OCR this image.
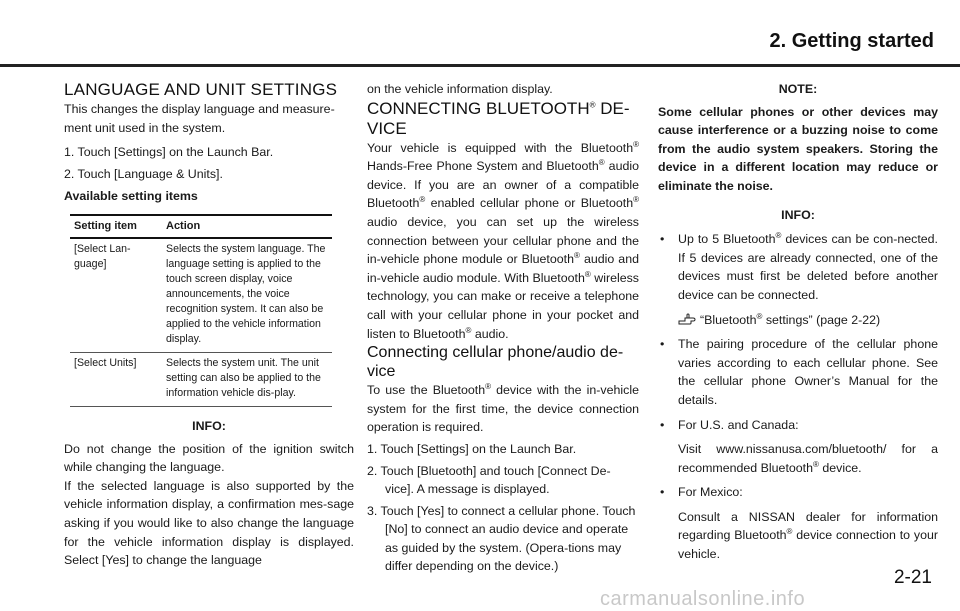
2. Getting started

LANGUAGE AND UNIT SETTINGS

This changes the display language and measure-ment unit used in the system.

1. Touch [Settings] on the Launch Bar.

2. Touch [Language & Units].

Available setting items

Setting item	Action
[Select Lan-guage]	Selects the system language. The language setting is applied to the touch screen display, voice announcements, the voice recognition system. It can also be applied to the vehicle information display.
[Select Units]	Selects the system unit. The unit setting can also be applied to the information vehicle dis-play.

INFO:

Do not change the position of the ignition switch while changing the language.

If the selected language is also supported by the vehicle information display, a confirmation mes-sage asking if you would like to also change the language for the vehicle information display is displayed. Select [Yes] to change the language

on the vehicle information display.

CONNECTING BLUETOOTH® DE-VICE

Your vehicle is equipped with the Bluetooth® Hands-Free Phone System and Bluetooth® audio device. If you are an owner of a compatible Bluetooth® enabled cellular phone or Bluetooth® audio device, you can set up the wireless connection between your cellular phone and the in-vehicle phone module or Bluetooth® audio and in-vehicle audio module. With Bluetooth® wireless technology, you can make or receive a telephone call with your cellular phone in your pocket and listen to Bluetooth® audio.

Connecting cellular phone/audio de-vice

To use the Bluetooth® device with the in-vehicle system for the first time, the device connection operation is required.

1. Touch [Settings] on the Launch Bar.

2. Touch [Bluetooth] and touch [Connect De-vice]. A message is displayed.

3. Touch [Yes] to connect a cellular phone. Touch [No] to connect an audio device and operate as guided by the system. (Opera-tions may differ depending on the device.)

NOTE:

Some cellular phones or other devices may cause interference or a buzzing noise to come from the audio system speakers. Storing the device in a different location may reduce or eliminate the noise.

INFO:

• Up to 5 Bluetooth® devices can be con-nected. If 5 devices are already connected, one of the devices must first be deleted before another device can be connected.

“Bluetooth® settings” (page 2-22)

• The pairing procedure of the cellular phone varies according to each cellular phone. See the cellular phone Owner’s Manual for the details.

• For U.S. and Canada:

Visit www.nissanusa.com/bluetooth/ for a recommended Bluetooth® device.

• For Mexico:

Consult a NISSAN dealer for information regarding Bluetooth® device connection to your vehicle.

2-21
carmanualsonline.info
